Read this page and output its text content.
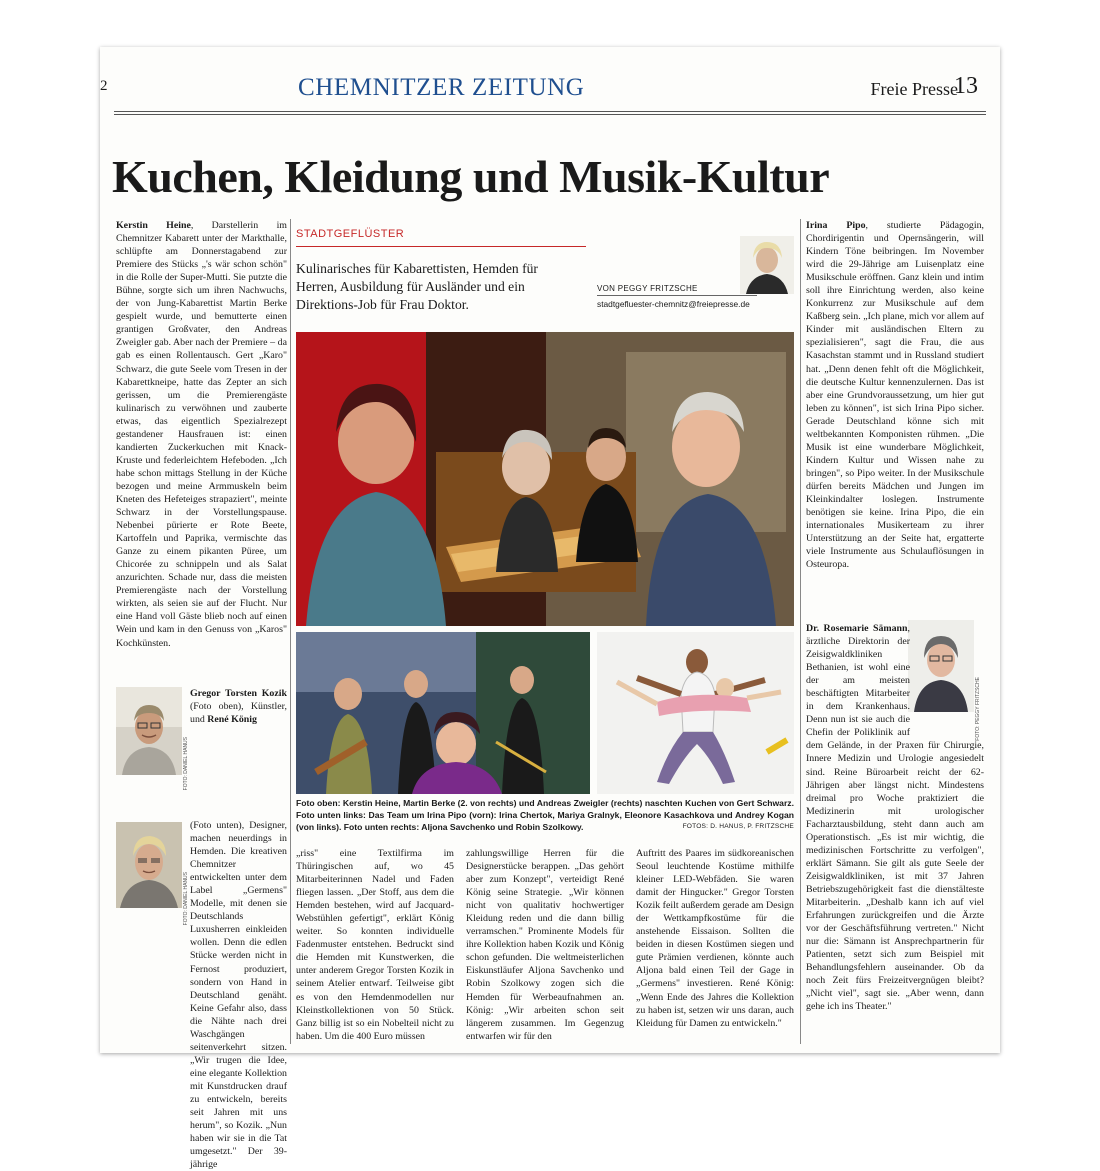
2	CHEMNITZER ZEITUNG	Freie Presse
13
Kuchen, Kleidung und Musik-Kultur

Kerstin Heine, Darstellerin im Chemnitzer Kabarett unter der Markthalle, schlüpfte am Donnerstagabend zur Premiere des Stücks „'s wär schon schön" in die Rolle der Super-Mutti. Sie putzte die Bühne, sorgte sich um ihren Nachwuchs, der von Jung-Kabarettist Martin Berke gespielt wurde, und bemutterte einen grantigen Großvater, den Andreas Zweigler gab. Aber nach der Premiere – da gab es einen Rollentausch. Gert „Karo" Schwarz, die gute Seele vom Tresen in der Kabarettkneipe, hatte das Zepter an sich gerissen, um die Premierengäste kulinarisch zu verwöhnen und zauberte etwas, das eigentlich Spezialrezept gestandener Hausfrauen ist: einen kandierten Zuckerkuchen mit Knack-Kruste und federleichtem Hefeboden. „Ich habe schon mittags Stellung in der Küche bezogen und meine Armmuskeln beim Kneten des Hefeteiges strapaziert", meinte Schwarz in der Vorstellungspause. Nebenbei pürierte er Rote Beete, Kartoffeln und Paprika, vermischte das Ganze zu einem pikanten Püree, um Chicorée zu schnippeln und als Salat anzurichten. Schade nur, dass die meisten Premierengäste nach der Vorstellung wirkten, als seien sie auf der Flucht. Nur eine Hand voll Gäste blieb noch auf einen Wein und kam in den Genuss von „Karos" Kochkünsten.

FOTO: DANIEL HANUS
FOTO: DANIEL HANUS

Gregor Torsten Kozik (Foto oben), Künstler, und René König

(Foto unten), Designer, machen neuerdings in Hemden. Die kreativen Chemnitzer entwickelten unter dem Label „Germens" Modelle, mit denen sie Deutschlands Luxusherren einkleiden wollen. Denn die edlen Stücke werden nicht in Fernost produziert, sondern von Hand in Deutschland genäht. Keine Gefahr also, dass die Nähte nach drei Waschgängen seitenverkehrt sitzen. „Wir trugen die Idee, eine elegante Kollektion mit Kunstdrucken drauf zu entwickeln, bereits seit Jahren mit uns herum", so Kozik. „Nun haben wir sie in die Tat umgesetzt." Der 39-jährige

STADTGEFLÜSTER
Kulinarisches für Kabarettisten, Hemden für Herren, Ausbildung für Ausländer und ein Direktions-Job für Frau Doktor.
VON PEGGY FRITZSCHE
stadtgefluester-chemnitz@freiepresse.de
Foto oben: Kerstin Heine, Martin Berke (2. von rechts) und Andreas Zweigler (rechts) naschten Kuchen von Gert Schwarz. Foto unten links: Das Team um Irina Pipo (vorn): Irina Chertok, Mariya Gralnyk, Eleonore Kasachkova und Andrey Kogan (von links). Foto unten rechts: Aljona Savchenko und Robin Szolkowy.	FOTOS: D. HANUS, P. FRITZSCHE
„riss" eine Textilfirma im Thüringischen auf, wo 45 Mitarbeiterinnen Nadel und Faden fliegen lassen. „Der Stoff, aus dem die Hemden bestehen, wird auf Jacquard-Webstühlen gefertigt", erklärt König weiter. So konnten individuelle Fadenmuster entstehen. Bedruckt sind die Hemden mit Kunstwerken, die unter anderem Gregor Torsten Kozik in seinem Atelier entwarf. Teilweise gibt es von den Hemdenmodellen nur Kleinstkollektionen von 50 Stück. Ganz billig ist so ein Nobelteil nicht zu haben. Um die 400 Euro müssen
zahlungswillige Herren für die Designerstücke berappen. „Das gehört aber zum Konzept", verteidigt René König seine Strategie. „Wir können nicht von qualitativ hochwertiger Kleidung reden und die dann billig verramschen." Prominente Models für ihre Kollektion haben Kozik und König schon gefunden. Die weltmeisterlichen Eiskunstläufer Aljona Savchenko und Robin Szolkowy zogen sich die Hemden für Werbeaufnahmen an. König: „Wir arbeiten schon seit längerem zusammen. Im Gegenzug entwarfen wir für den
Auftritt des Paares im südkoreanischen Seoul leuchtende Kostüme mithilfe kleiner LED-Webfäden. Sie waren damit der Hingucker." Gregor Torsten Kozik feilt außerdem gerade am Design der Wettkampfkostüme für die anstehende Eissaison. Sollten die beiden in diesen Kostümen siegen und gute Prämien verdienen, könnte auch Aljona bald einen Teil der Gage in „Germens" investieren. René König: „Wenn Ende des Jahres die Kollektion zu haben ist, setzen wir uns daran, auch Kleidung für Damen zu entwickeln."

Irina Pipo, studierte Pädagogin, Chordirigentin und Opernsängerin, will Kindern Töne beibringen. Im November wird die 29-Jährige am Luisenplatz eine Musikschule eröffnen. Ganz klein und intim soll ihre Einrichtung werden, also keine Konkurrenz zur Musikschule auf dem Kaßberg sein. „Ich plane, mich vor allem auf Kinder mit ausländischen Eltern zu spezialisieren", sagt die Frau, die aus Kasachstan stammt und in Russland studiert hat. „Denn denen fehlt oft die Möglichkeit, die deutsche Kultur kennenzulernen. Das ist aber eine Grundvoraussetzung, um hier gut leben zu können", ist sich Irina Pipo sicher. Gerade Deutschland könne sich mit weltbekannten Komponisten rühmen. „Die Musik ist eine wunderbare Möglichkeit, Kindern Kultur und Wissen nahe zu bringen", so Pipo weiter. In der Musikschule dürfen bereits Mädchen und Jungen im Kleinkindalter loslegen. Instrumente benötigen sie keine. Irina Pipo, die ein internationales Musikerteam zu ihrer Unterstützung an der Seite hat, ergatterte viele Instrumente aus Schulauflösungen in Osteuropa.

FOTO: PEGGY FRITZSCHE

Dr. Rosemarie Sämann, ärztliche Direktorin der Zeisigwaldkliniken Bethanien, ist wohl eine der am meisten beschäftigten Mitarbeiter in dem Krankenhaus. Denn nun ist sie auch die Chefin der Poliklinik auf dem Gelände, in der Praxen für Chirurgie, Innere Medizin und Urologie angesiedelt sind. Reine Büroarbeit reicht der 62-Jährigen aber längst nicht. Mindestens dreimal pro Woche praktiziert die Medizinerin mit urologischer Facharztausbildung, steht dann auch am Operationstisch. „Es ist mir wichtig, die medizinischen Fortschritte zu verfolgen", erklärt Sämann. Sie gilt als gute Seele der Zeisigwaldkliniken, ist mit 37 Jahren Betriebszugehörigkeit fast die dienstälteste Mitarbeiterin. „Deshalb kann ich auf viel Erfahrungen zurückgreifen und die Ärzte vor der Geschäftsführung vertreten." Nicht nur die: Sämann ist Ansprechpartnerin für Patienten, setzt sich zum Beispiel mit Behandlungsfehlern auseinander. Ob da noch Zeit fürs Freizeitvergnügen bleibt? „Nicht viel", sagt sie. „Aber wenn, dann gehe ich ins Theater."
